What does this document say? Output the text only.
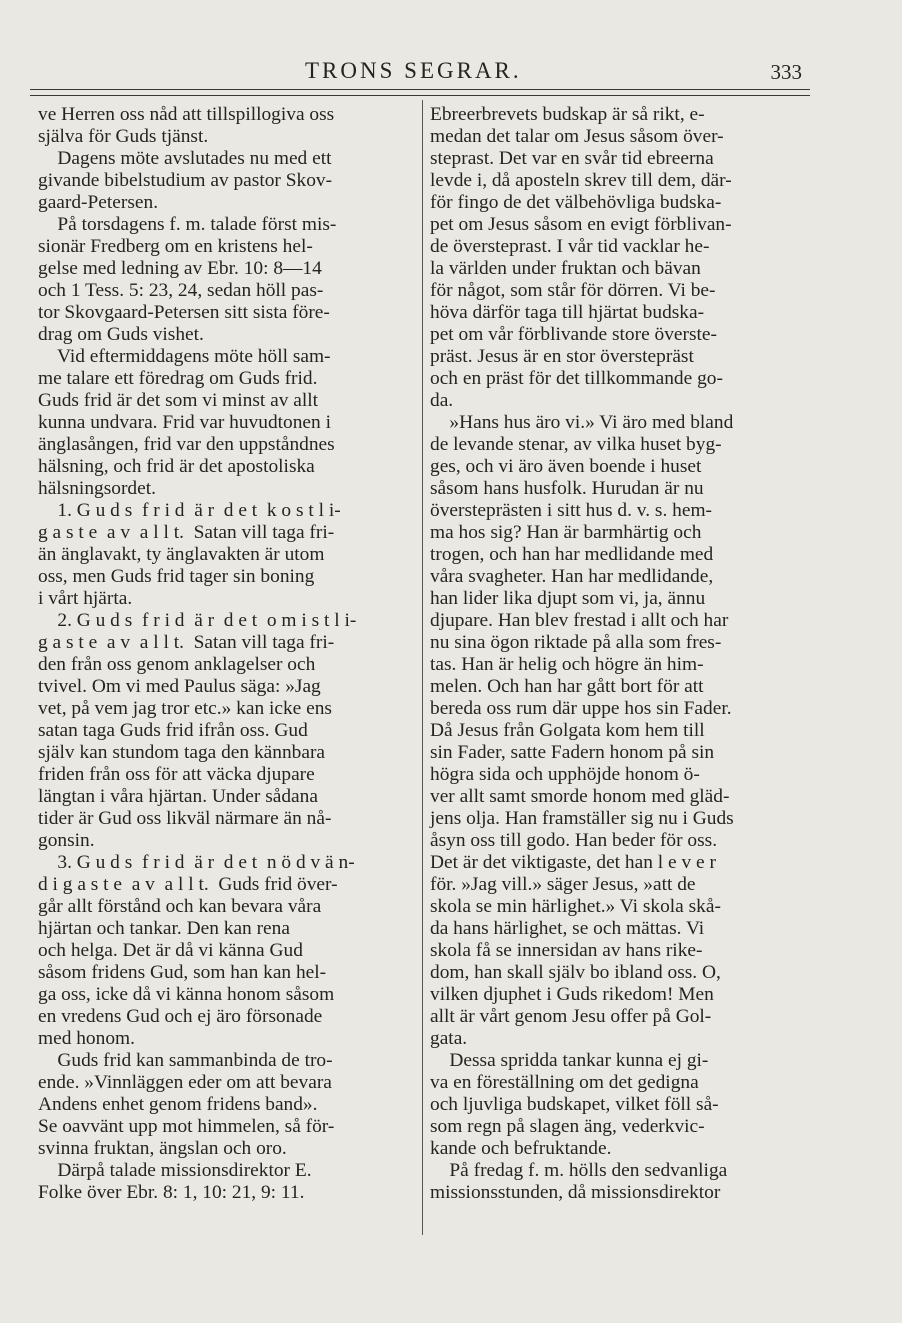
TRONS SEGRAR.	333
ve Herren oss nåd att tillspillogiva oss
själva för Guds tjänst.
Dagens möte avslutades nu med ett
givande bibelstudium av pastor Skov-
gaard-Petersen.
På torsdagens f. m. talade först mis-
sionär Fredberg om en kristens hel-
gelse med ledning av Ebr. 10: 8—14
och 1 Tess. 5: 23, 24, sedan höll pas-
tor Skovgaard-Petersen sitt sista före-
drag om Guds vishet.
Vid eftermiddagens möte höll sam-
me talare ett föredrag om Guds frid.
Guds frid är det som vi minst av allt
kunna undvara. Frid var huvudtonen i
änglasången, frid var den uppståndnes
hälsning, och frid är det apostoliska
hälsningsordet.
1. G u d s  f r i d  ä r  d e t  k o s t l i-
g a s t e  a v  a l l t.  Satan vill taga fri-
än änglavakt, ty änglavakten är utom
oss, men Guds frid tager sin boning
i vårt hjärta.
2. G u d s  f r i d  ä r  d e t  o m i s t l i-
g a s t e  a v  a l l t.  Satan vill taga fri-
den från oss genom anklagelser och
tvivel. Om vi med Paulus säga: »Jag
vet, på vem jag tror etc.» kan icke ens
satan taga Guds frid ifrån oss. Gud
själv kan stundom taga den kännbara
friden från oss för att väcka djupare
längtan i våra hjärtan. Under sådana
tider är Gud oss likväl närmare än nå-
gonsin.
3. G u d s  f r i d  ä r  d e t  n ö d v ä n-
d i g a s t e  a v  a l l t.  Guds frid över-
går allt förstånd och kan bevara våra
hjärtan och tankar. Den kan rena
och helga. Det är då vi känna Gud
såsom fridens Gud, som han kan hel-
ga oss, icke då vi känna honom såsom
en vredens Gud och ej äro försonade
med honom.
Guds frid kan sammanbinda de tro-
ende. »Vinnläggen eder om att bevara
Andens enhet genom fridens band».
Se oavvänt upp mot himmelen, så för-
svinna fruktan, ängslan och oro.
Därpå talade missionsdirektor E.
Folke över Ebr. 8: 1, 10: 21, 9: 11.
Ebreerbrevets budskap är så rikt, e-
medan det talar om Jesus såsom över-
steprast. Det var en svår tid ebreerna
levde i, då aposteln skrev till dem, där-
för fingo de det välbehövliga budska-
pet om Jesus såsom en evigt förblivan-
de översteprast. I vår tid vacklar he-
la världen under fruktan och bävan
för något, som står för dörren. Vi be-
höva därför taga till hjärtat budska-
pet om vår förblivande store överste-
präst. Jesus är en stor överstepräst
och en präst för det tillkommande go-
da.
»Hans hus äro vi.» Vi äro med bland
de levande stenar, av vilka huset byg-
ges, och vi äro även boende i huset
såsom hans husfolk. Hurudan är nu
översteprästen i sitt hus d. v. s. hem-
ma hos sig? Han är barmhärtig och
trogen, och han har medlidande med
våra svagheter. Han har medlidande,
han lider lika djupt som vi, ja, ännu
djupare. Han blev frestad i allt och har
nu sina ögon riktade på alla som fres-
tas. Han är helig och högre än him-
melen. Och han har gått bort för att
bereda oss rum där uppe hos sin Fader.
Då Jesus från Golgata kom hem till
sin Fader, satte Fadern honom på sin
högra sida och upphöjde honom ö-
ver allt samt smorde honom med gläd-
jens olja. Han framställer sig nu i Guds
åsyn oss till godo. Han beder för oss.
Det är det viktigaste, det han l e v e r
för. »Jag vill.» säger Jesus, »att de
skola se min härlighet.» Vi skola skå-
da hans härlighet, se och mättas. Vi
skola få se innersidan av hans rike-
dom, han skall själv bo ibland oss. O,
vilken djuphet i Guds rikedom! Men
allt är vårt genom Jesu offer på Gol-
gata.
Dessa spridda tankar kunna ej gi-
va en föreställning om det gedigna
och ljuvliga budskapet, vilket föll så-
som regn på slagen äng, vederkvic-
kande och befruktande.
På fredag f. m. hölls den sedvanliga
missionsstunden, då missionsdirektor
